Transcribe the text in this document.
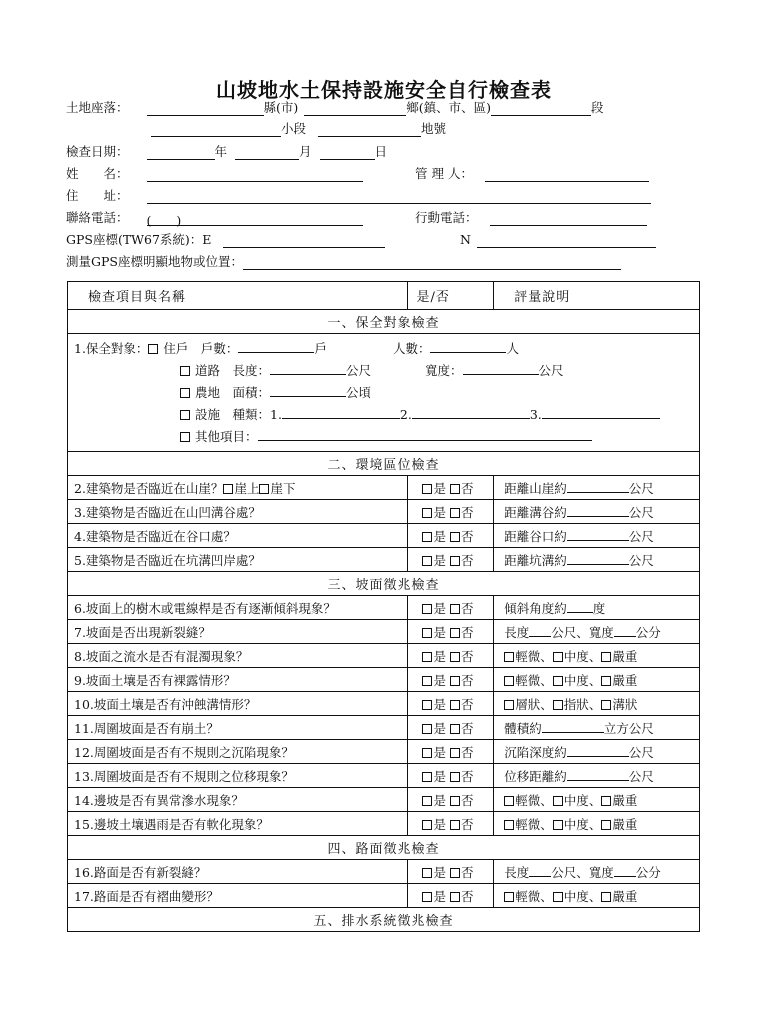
山坡地水土保持設施安全自行檢查表
土地座落：	縣(市)	鄉(鎮、市、區)	段
小段	地號
檢查日期：	年	月	日
姓　　名：	管 理 人：
住　　址：
聯絡電話： (　　)	行動電話：
GPS座標(TW67系統)：E	N
測量GPS座標明顯地物或位置：
檢查項目與名稱	是/否	評量說明
一、保全對象檢查		

1.保全對象： 住戶　戶數： 戶 人數： 人
道路　長度： 公尺 寬度： 公尺
農地　面積： 公頃
設施　種類：1. 2. 3.
其他項目：		

二、環境區位檢查		
2.建築物是否臨近在山崖？ 崖上 崖下	是 否	距離山崖約 公尺
3.建築物是否臨近在山凹溝谷處？	是 否	距離溝谷約 公尺
4.建築物是否臨近在谷口處？	是 否	距離谷口約 公尺
5.建築物是否臨近在坑溝凹岸處？	是 否	距離坑溝約 公尺
三、坡面徵兆檢查		
6.坡面上的樹木或電線桿是否有逐漸傾斜現象？	是 否	傾斜角度約 度
7.坡面是否出現新裂縫？	是 否	長度 公尺、寬度 公分
8.坡面之流水是否有混濁現象？	是 否	輕微、 中度、 嚴重
9.坡面土壤是否有裸露情形？	是 否	輕微、 中度、 嚴重
10.坡面土壤是否有沖蝕溝情形？	是 否	層狀、 指狀、 溝狀
11.周圍坡面是否有崩土？	是 否	體積約 立方公尺
12.周圍坡面是否有不規則之沉陷現象？	是 否	沉陷深度約 公尺
13.周圍坡面是否有不規則之位移現象？	是 否	位移距離約 公尺
14.邊坡是否有異常滲水現象？	是 否	輕微、 中度、 嚴重
15.邊坡土壤遇雨是否有軟化現象？	是 否	輕微、 中度、 嚴重
四、路面徵兆檢查		
16.路面是否有新裂縫？	是 否	長度 公尺、寬度 公分
17.路面是否有褶曲變形？	是 否	輕微、 中度、 嚴重
五、排水系統徵兆檢查		
